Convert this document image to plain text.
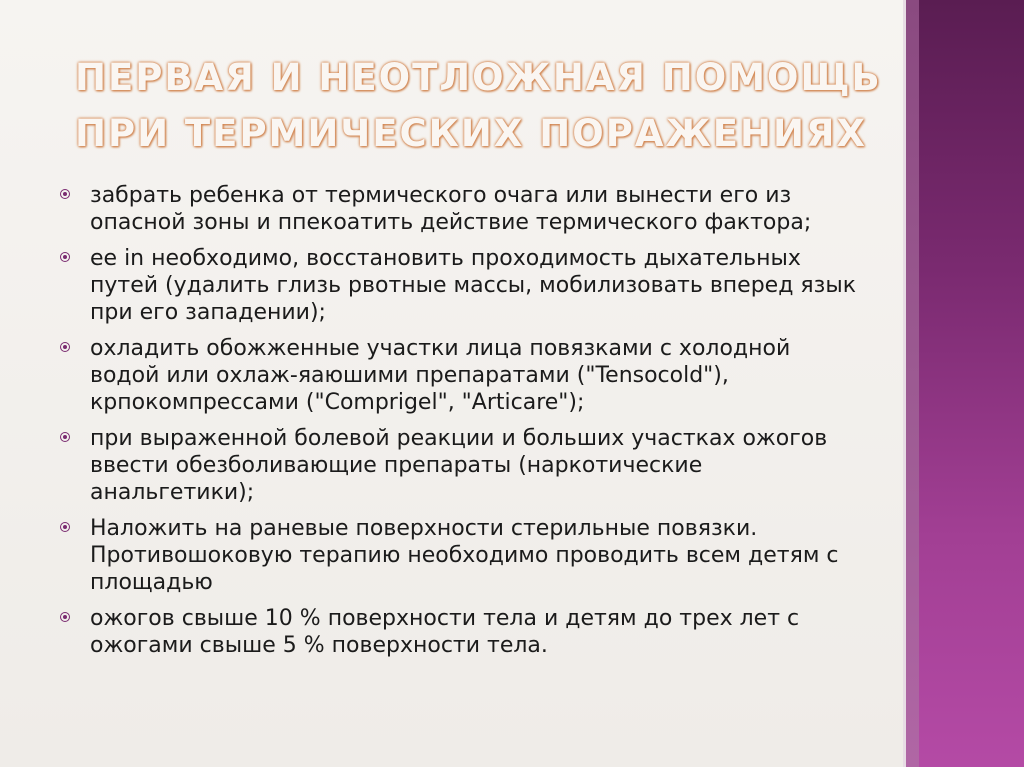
ПЕРВАЯ И НЕОТЛОЖНАЯ ПОМОЩЬ
ПРИ ТЕРМИЧЕСКИХ ПОРАЖЕНИЯХ
забрать ребенка от термического очага или вынести его из опасной зоны и ппекоатить действие термического фактора;
ее in необходимо, восстановить проходимость дыхательных путей (удалить глизь рвотные массы, мобилизовать вперед язык при его западении);
охладить обожженные участки лица повязками с холодной водой или охлаж-яаюшими препаратами ("Tensocold"), крпокомпрессами ("Comprigel", "Articare");
при выраженной болевой реакции и больших участках ожогов ввести обезболивающие препараты (наркотические анальгетики);
Наложить на раневые поверхности стерильные повязки. Противошоковую терапию необходимо проводить всем детям с площадью
ожогов свыше 10 % поверхности тела и детям до трех лет с ожогами свыше 5 % поверхности тела.
